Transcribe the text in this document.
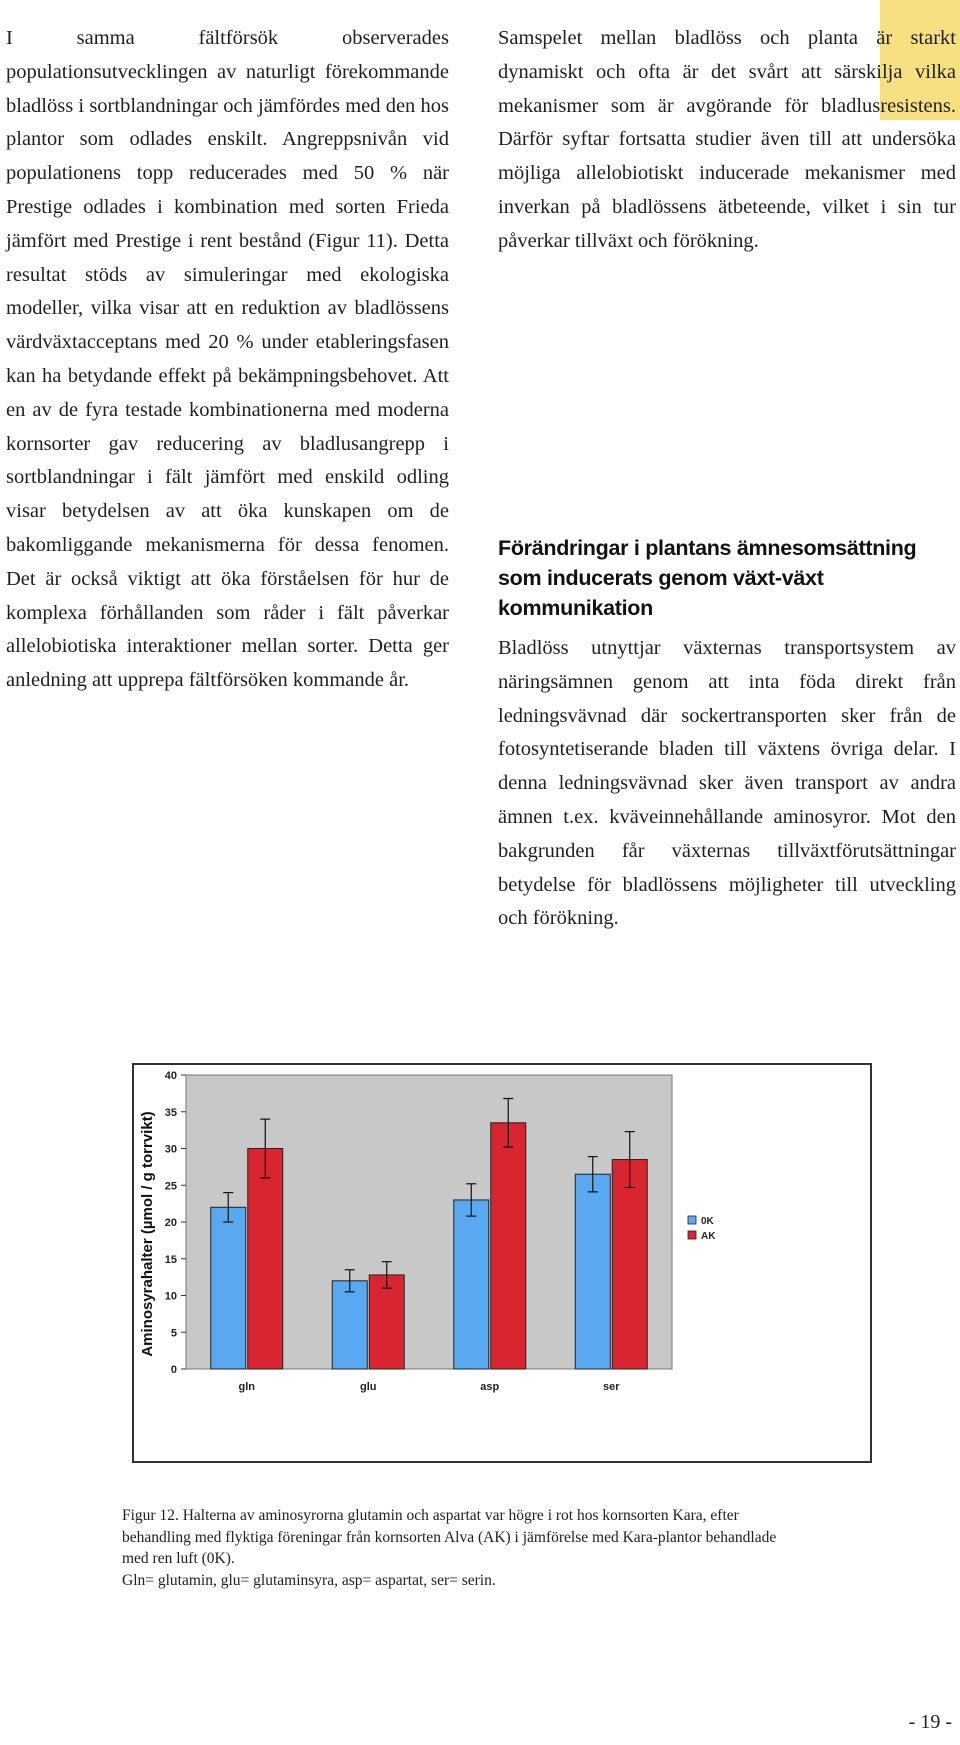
I samma fältförsök observerades populationsutvecklingen av naturligt förekommande bladlöss i sortblandningar och jämfördes med den hos plantor som odlades enskilt. Angreppsnivån vid populationens topp reducerades med 50 % när Prestige odlades i kombination med sorten Frieda jämfört med Prestige i rent bestånd (Figur 11). Detta resultat stöds av simuleringar med ekologiska modeller, vilka visar att en reduktion av bladlössens värdväxtacceptans med 20 % under etableringsfasen kan ha betydande effekt på bekämpningsbehovet. Att en av de fyra testade kombinationerna med moderna kornsorter gav reducering av bladlusangrepp i sortblandningar i fält jämfört med enskild odling visar betydelsen av att öka kunskapen om de bakomliggande mekanismerna för dessa fenomen. Det är också viktigt att öka förståelsen för hur de komplexa förhållanden som råder i fält påverkar allelobiotiska interaktioner mellan sorter. Detta ger anledning att upprepa fältförsöken kommande år.

Samspelet mellan bladlöss och planta är starkt dynamiskt och ofta är det svårt att särskilja vilka mekanismer som är avgörande för bladlusresistens. Därför syftar fortsatta studier även till att undersöka möjliga allelobiotiskt inducerade mekanismer med inverkan på bladlössens ätbeteende, vilket i sin tur påverkar tillväxt och förökning.

Förändringar i plantans ämnesomsättning som inducerats genom växt-växt kommunikation

Bladlöss utnyttjar växternas transportsystem av näringsämnen genom att inta föda direkt från ledningsvävnad där sockertransporten sker från de fotosyntetiserande bladen till växtens övriga delar. I denna ledningsvävnad sker även transport av andra ämnen t.ex. kväveinnehållande aminosyror. Mot den bakgrunden får växternas tillväxtförutsättningar betydelse för bladlössens möjligheter till utveckling och förökning.

0
5
10
15
20
25
30
35
40
Aminosyrahalter (µmol / g torrvikt)
gln	glu	asp	ser
0K
AK

Figur 12. Halterna av aminosyrorna glutamin och aspartat var högre i rot hos kornsorten Kara, efter behandling med flyktiga föreningar från kornsorten Alva (AK) i jämförelse med Kara-plantor behandlade med ren luft (0K).

Gln= glutamin, glu= glutaminsyra, asp= aspartat, ser= serin.

- 19 -
